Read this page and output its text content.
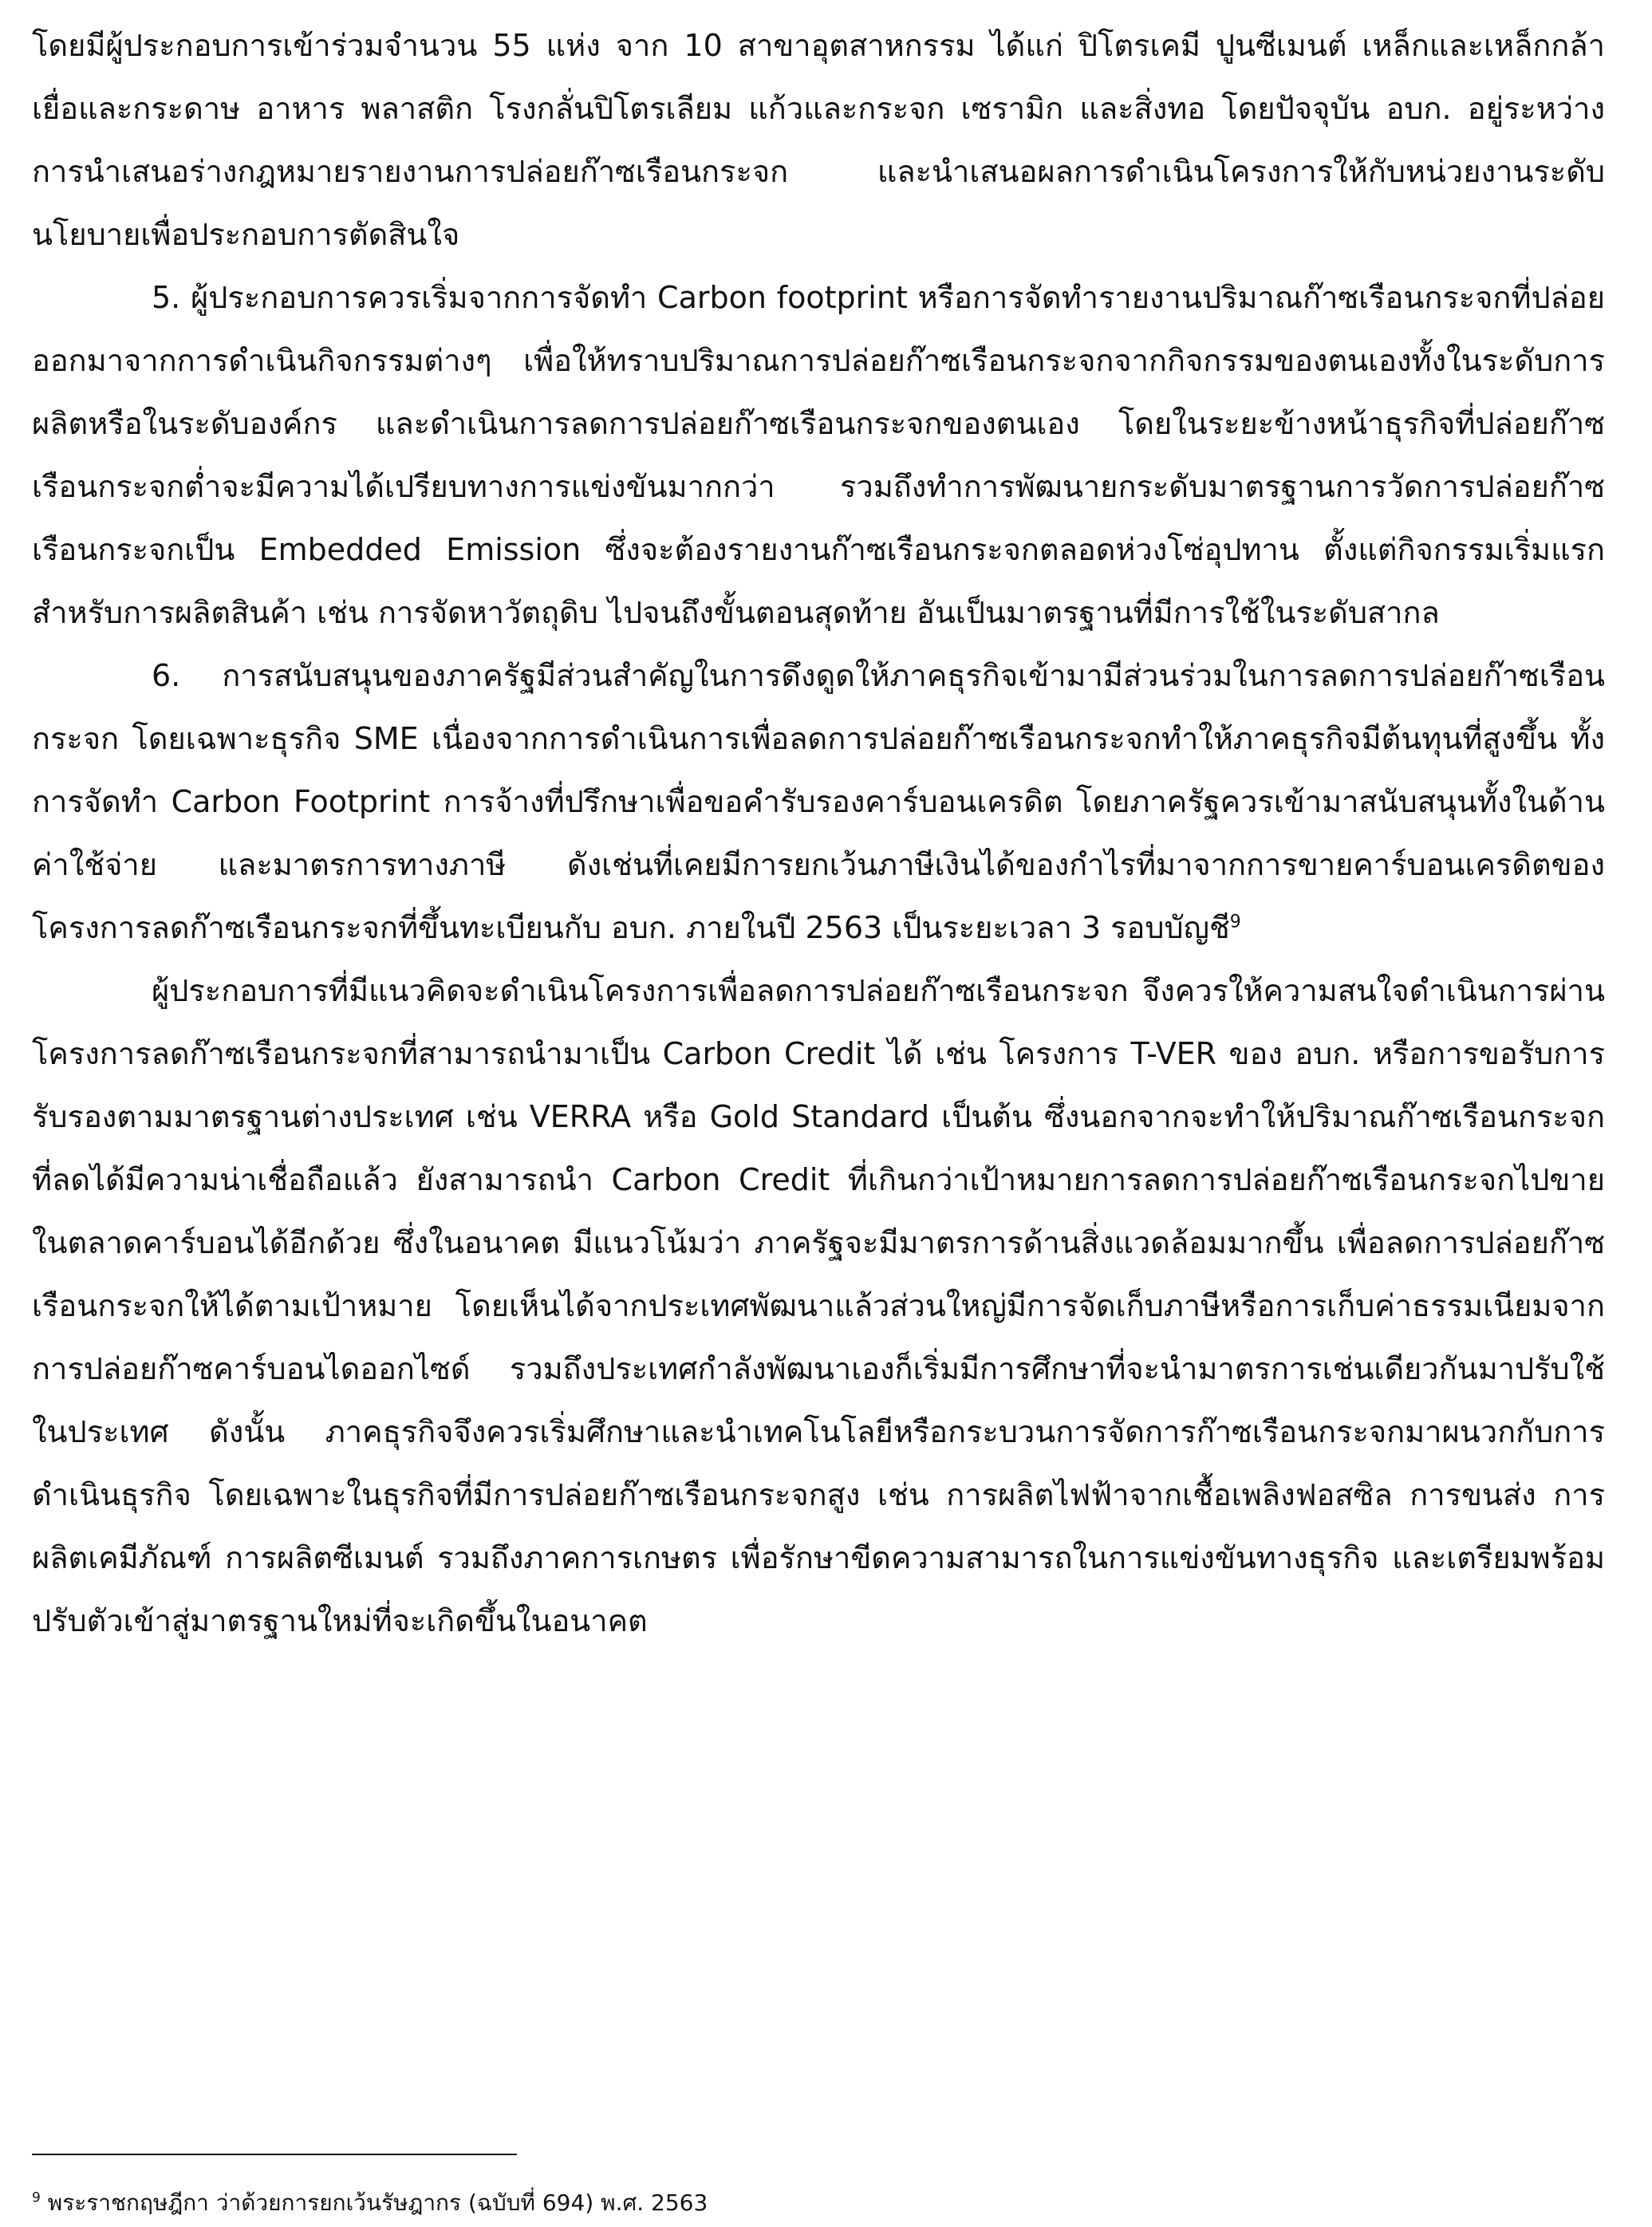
โดยมีผู้ประกอบการเข้าร่วมจำนวน 55 แห่ง จาก 10 สาขาอุตสาหกรรม ได้แก่ ปิโตรเคมี ปูนซีเมนต์ เหล็กและเหล็กกล้า เยื่อและกระดาษ อาหาร พลาสติก โรงกลั่นปิโตรเลียม แก้วและกระจก เซรามิก และสิ่งทอ โดยปัจจุบัน อบก. อยู่ระหว่างการนำเสนอร่างกฎหมายรายงานการปล่อยก๊าซเรือนกระจก และนำเสนอผลการดำเนินโครงการให้กับหน่วยงานระดับนโยบายเพื่อประกอบการตัดสินใจ

5. ผู้ประกอบการควรเริ่มจากการจัดทำ Carbon footprint หรือการจัดทำรายงานปริมาณก๊าซเรือนกระจกที่ปล่อยออกมาจากการดำเนินกิจกรรมต่างๆ เพื่อให้ทราบปริมาณการปล่อยก๊าซเรือนกระจกจากกิจกรรมของตนเองทั้งในระดับการผลิตหรือในระดับองค์กร และดำเนินการลดการปล่อยก๊าซเรือนกระจกของตนเอง โดยในระยะข้างหน้าธุรกิจที่ปล่อยก๊าซเรือนกระจกต่ำจะมีความได้เปรียบทางการแข่งขันมากกว่า รวมถึงทำการพัฒนายกระดับมาตรฐานการวัดการปล่อยก๊าซเรือนกระจกเป็น Embedded Emission ซึ่งจะต้องรายงานก๊าซเรือนกระจกตลอดห่วงโซ่อุปทาน ตั้งแต่กิจกรรมเริ่มแรกสำหรับการผลิตสินค้า เช่น การจัดหาวัตถุดิบ ไปจนถึงขั้นตอนสุดท้าย อันเป็นมาตรฐานที่มีการใช้ในระดับสากล

6. การสนับสนุนของภาครัฐมีส่วนสำคัญในการดึงดูดให้ภาคธุรกิจเข้ามามีส่วนร่วมในการลดการปล่อยก๊าซเรือนกระจก โดยเฉพาะธุรกิจ SME เนื่องจากการดำเนินการเพื่อลดการปล่อยก๊าซเรือนกระจกทำให้ภาคธุรกิจมีต้นทุนที่สูงขึ้น ทั้งการจัดทำ Carbon Footprint การจ้างที่ปรึกษาเพื่อขอคำรับรองคาร์บอนเครดิต โดยภาครัฐควรเข้ามาสนับสนุนทั้งในด้านค่าใช้จ่าย และมาตรการทางภาษี ดังเช่นที่เคยมีการยกเว้นภาษีเงินได้ของกำไรที่มาจากการขายคาร์บอนเครดิตของโครงการลดก๊าซเรือนกระจกที่ขึ้นทะเบียนกับ อบก. ภายในปี 2563 เป็นระยะเวลา 3 รอบบัญชี$^9$

ผู้ประกอบการที่มีแนวคิดจะดำเนินโครงการเพื่อลดการปล่อยก๊าซเรือนกระจก จึงควรให้ความสนใจดำเนินการผ่านโครงการลดก๊าซเรือนกระจกที่สามารถนำมาเป็น Carbon Credit ได้ เช่น โครงการ T-VER ของ อบก. หรือการขอรับการรับรองตามมาตรฐานต่างประเทศ เช่น VERRA หรือ Gold Standard เป็นต้น ซึ่งนอกจากจะทำให้ปริมาณก๊าซเรือนกระจกที่ลดได้มีความน่าเชื่อถือแล้ว ยังสามารถนำ Carbon Credit ที่เกินกว่าเป้าหมายการลดการปล่อยก๊าซเรือนกระจกไปขายในตลาดคาร์บอนได้อีกด้วย ซึ่งในอนาคต มีแนวโน้มว่า ภาครัฐจะมีมาตรการด้านสิ่งแวดล้อมมากขึ้น เพื่อลดการปล่อยก๊าซเรือนกระจกให้ได้ตามเป้าหมาย โดยเห็นได้จากประเทศพัฒนาแล้วส่วนใหญ่มีการจัดเก็บภาษีหรือการเก็บค่าธรรมเนียมจากการปล่อยก๊าซคาร์บอนไดออกไซด์ รวมถึงประเทศกำลังพัฒนาเองก็เริ่มมีการศึกษาที่จะนำมาตรการเช่นเดียวกันมาปรับใช้ในประเทศ ดังนั้น ภาคธุรกิจจึงควรเริ่มศึกษาและนำเทคโนโลยีหรือกระบวนการจัดการก๊าซเรือนกระจกมาผนวกกับการดำเนินธุรกิจ โดยเฉพาะในธุรกิจที่มีการปล่อยก๊าซเรือนกระจกสูง เช่น การผลิตไฟฟ้าจากเชื้อเพลิงฟอสซิล การขนส่ง การผลิตเคมีภัณฑ์ การผลิตซีเมนต์ รวมถึงภาคการเกษตร เพื่อรักษาขีดความสามารถในการแข่งขันทางธุรกิจ และเตรียมพร้อมปรับตัวเข้าสู่มาตรฐานใหม่ที่จะเกิดขึ้นในอนาคต

$^9$ พระราชกฤษฎีกา ว่าด้วยการยกเว้นรัษฎากร (ฉบับที่ 694) พ.ศ. 2563
